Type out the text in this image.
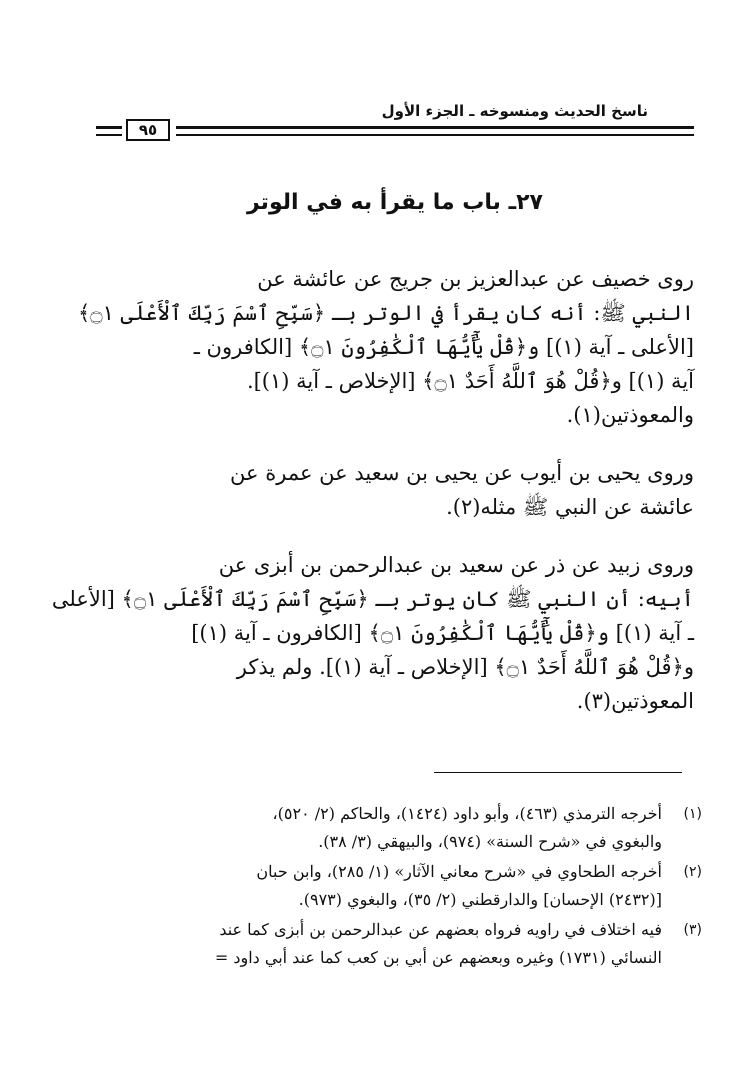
ناسخ الحديث ومنسوخه ـ الجزء الأول
٩٥
٢٧ـ باب ما يقرأ به في الوتر

روى خصيف عن عبدالعزيز بن جريج عن عائشة عن
النبي ﷺ: أنه كان يقرأ في الوتر بـ ﴿سَبِّحِ ٱسْمَ رَبِّكَ ٱلْأَعْلَى ۝١﴾
[الأعلى ـ آية (١)] و﴿قُلْ يَٰٓأَيُّهَا ٱلْكَٰفِرُونَ ۝١﴾ [الكافرون ـ
آية (١)] و﴿قُلْ هُوَ ٱللَّهُ أَحَدٌ ۝١﴾ [الإخلاص ـ آية (١)].
والمعوذتين(١).

وروى يحيى بن أيوب عن يحيى بن سعيد عن عمرة عن
عائشة عن النبي ﷺ مثله(٢).

وروى زبيد عن ذر عن سعيد بن عبدالرحمن بن أبزى عن
أبيه: أن النبي ﷺ كان يوتر بـ ﴿سَبِّحِ ٱسْمَ رَبِّكَ ٱلْأَعْلَى ۝١﴾ [الأعلى
ـ آية (١)] و﴿قُلْ يَٰٓأَيُّهَا ٱلْكَٰفِرُونَ ۝١﴾ [الكافرون ـ آية (١)]
و﴿قُلْ هُوَ ٱللَّهُ أَحَدٌ ۝١﴾ [الإخلاص ـ آية (١)]. ولم يذكر
المعوذتين(٣).

(١)
أخرجه الترمذي (٤٦٣)، وأبو داود (١٤٢٤)، والحاكم (٢/ ٥٢٠)،
والبغوي في «شرح السنة» (٩٧٤)، والبيهقي (٣/ ٣٨).
(٢)
أخرجه الطحاوي في «شرح معاني الآثار» (١/ ٢٨٥)، وابن حبان
[(٢٤٣٢) الإحسان] والدارقطني (٢/ ٣٥)، والبغوي (٩٧٣).
(٣)
فيه اختلاف في راويه فرواه بعضهم عن عبدالرحمن بن أبزى كما عند
النسائي (١٧٣١) وغيره وبعضهم عن أبي بن كعب كما عند أبي داود =
